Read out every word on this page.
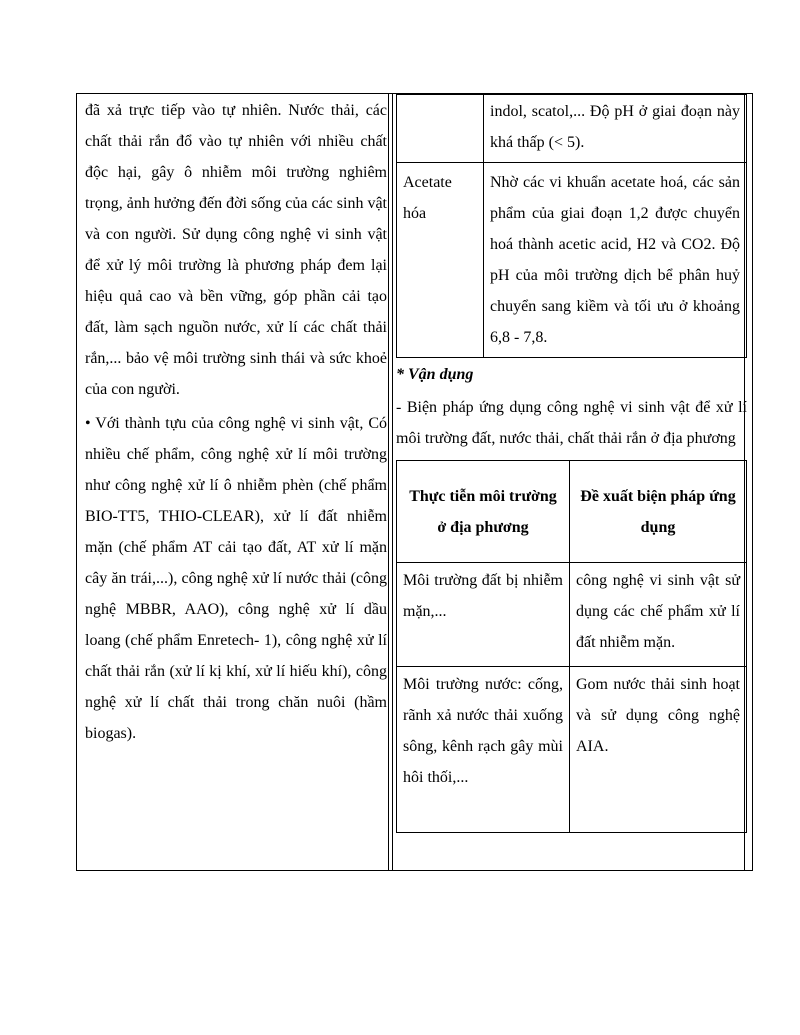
đã xả trực tiếp vào tự nhiên. Nước thải, các chất thải rắn đổ vào tự nhiên với nhiều chất độc hại, gây ô nhiễm môi trường nghiêm trọng, ảnh hưởng đến đời sống của các sinh vật và con người. Sử dụng công nghệ vi sinh vật để xử lý môi trường là phương pháp đem lại hiệu quả cao và bền vững, góp phần cải tạo đất, làm sạch nguồn nước, xử lí các chất thải rắn,... bảo vệ môi trường sinh thái và sức khoẻ của con người.

• Với thành tựu của công nghệ vi sinh vật, Có nhiều chế phẩm, công nghệ xử lí môi trường như công nghệ xử lí ô nhiễm phèn (chế phẩm BIO-TT5, THIO-CLEAR), xử lí đất nhiễm mặn (chế phẩm AT cải tạo đất, AT xử lí mặn cây ăn trái,...), công nghệ xử lí nước thải (công nghệ MBBR, AAO), công nghệ xử lí dầu loang (chế phẩm Enretech- 1), công nghệ xử lí chất thải rắn (xử lí kị khí, xử lí hiếu khí), công nghệ xử lí chất thải trong chăn nuôi (hầm biogas).

	indol, scatol,... Độ pH ở giai đoạn này khá thấp (< 5).
Acetate hóa	Nhờ các vi khuẩn acetate hoá, các sản phẩm của giai đoạn 1,2 được chuyển hoá thành acetic acid, H2 và CO2. Độ pH của môi trường dịch bể phân huỷ chuyển sang kiềm và tối ưu ở khoảng 6,8 - 7,8.
* Vận dụng
- Biện pháp ứng dụng công nghệ vi sinh vật để xử lí môi trường đất, nước thải, chất thải rắn ở địa phương
Thực tiễn môi trường ở địa phương	Đề xuất biện pháp ứng dụng
Môi trường đất bị nhiễm mặn,...	công nghệ vi sinh vật sử dụng các chế phẩm xử lí đất nhiễm mặn.
Môi trường nước: cống, rãnh xả nước thải xuống sông, kênh rạch gây mùi hôi thối,...	Gom nước thải sinh hoạt và sử dụng công nghệ AIA.
